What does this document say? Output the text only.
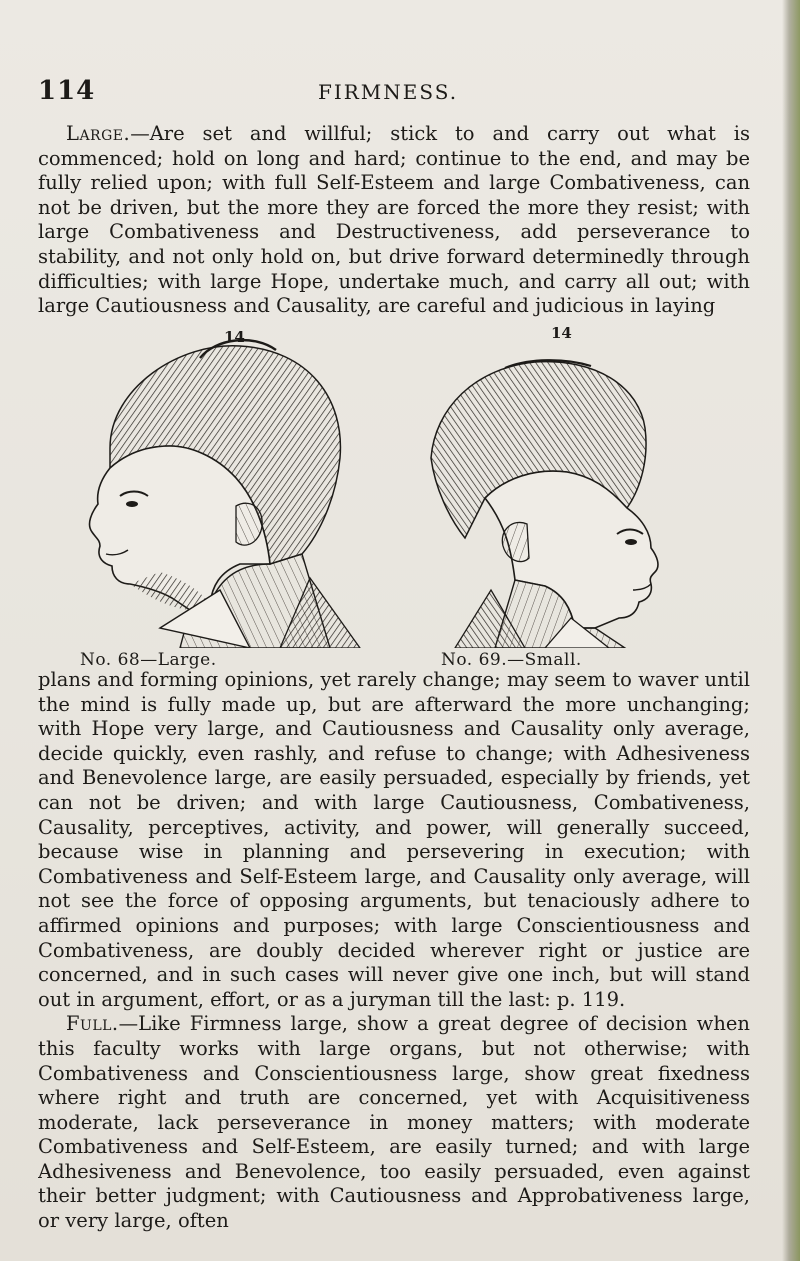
114	FIRMNESS.

Large.—Are set and willful; stick to and carry out what is commenced; hold on long and hard; continue to the end, and may be fully relied upon; with full Self-Esteem and large Combativeness, can not be driven, but the more they are forced the more they resist; with large Combativeness and Destructiveness, add perseverance to stability, and not only hold on, but drive forward determinedly through difficulties; with large Hope, undertake much, and carry all out; with large Cautiousness and Causality, are careful and judicious in laying

14
No. 68—Large.
14
No. 69.—Small.

plans and forming opinions, yet rarely change; may seem to waver until the mind is fully made up, but are afterward the more unchanging; with Hope very large, and Cautiousness and Causality only average, decide quickly, even rashly, and refuse to change; with Adhesiveness and Benevolence large, are easily persuaded, especially by friends, yet can not be driven; and with large Cautiousness, Combativeness, Causality, perceptives, activity, and power, will generally succeed, because wise in planning and persevering in execution; with Combativeness and Self-Esteem large, and Causality only average, will not see the force of opposing arguments, but tenaciously adhere to affirmed opinions and purposes; with large Conscientiousness and Combativeness, are doubly decided wherever right or justice are concerned, and in such cases will never give one inch, but will stand out in argument, effort, or as a juryman till the last: p. 119.

Full.—Like Firmness large, show a great degree of decision when this faculty works with large organs, but not otherwise; with Combativeness and Conscientiousness large, show great fixedness where right and truth are concerned, yet with Acquisitiveness moderate, lack perseverance in money matters; with moderate Combativeness and Self-Esteem, are easily turned; and with large Adhesiveness and Benevolence, too easily persuaded, even against their better judgment; with Cautiousness and Approbativeness large, or very large, often
